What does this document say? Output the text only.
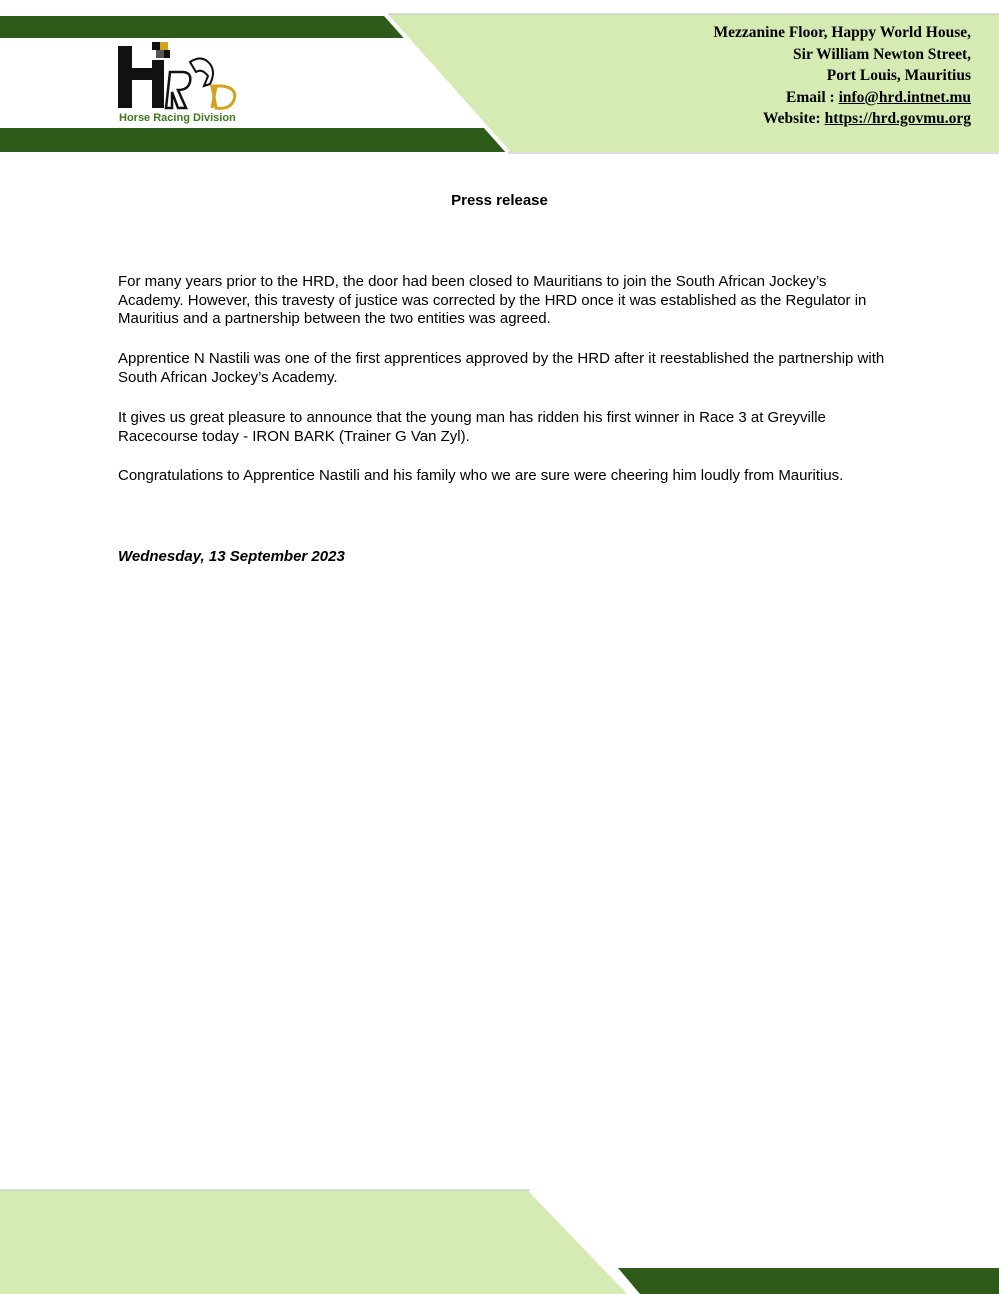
Horse Racing Division
Mezzanine Floor, Happy World House,
Sir William Newton Street,
Port Louis, Mauritius
Email : info@hrd.intnet.mu
Website: https://hrd.govmu.org
Press release

For many years prior to the HRD, the door had been closed to Mauritians to join the South African Jockey’s Academy. However, this travesty of justice was corrected by the HRD once it was established as the Regulator in Mauritius and a partnership between the two entities was agreed.

Apprentice N Nastili was one of the first apprentices approved by the HRD after it reestablished the partnership with South African Jockey’s Academy.

It gives us great pleasure to announce that the young man has ridden his first winner in Race 3 at Greyville Racecourse today - IRON BARK (Trainer G Van Zyl).

Congratulations to Apprentice Nastili and his family who we are sure were cheering him loudly from Mauritius.

Wednesday, 13 September 2023
